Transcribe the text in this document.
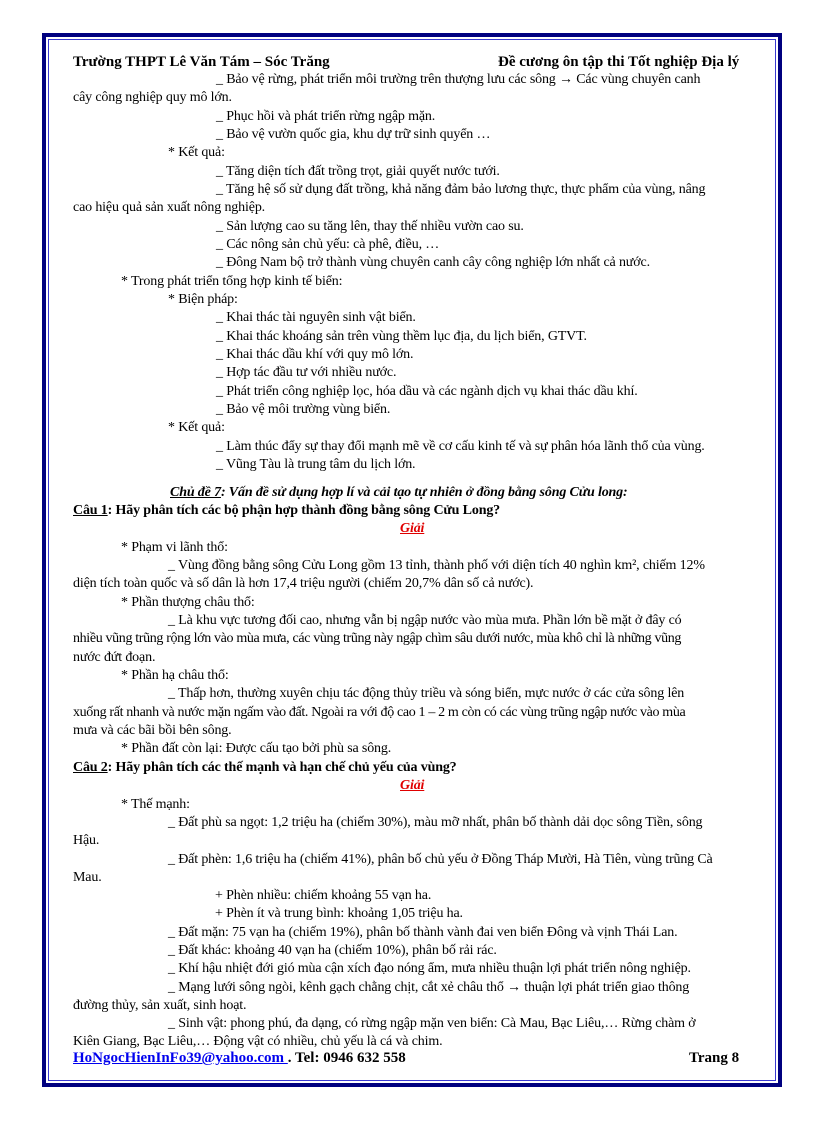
Trường THPT Lê Văn Tám – Sóc Trăng	Đề cương ôn tập thi Tốt nghiệp Địa lý
_ Bảo vệ rừng, phát triển môi trường trên thượng lưu các sông → Các vùng chuyên canh
cây công nghiệp quy mô lớn.
_ Phục hồi và phát triển rừng ngập mặn.
_ Bảo vệ vườn quốc gia, khu dự trữ sinh quyển …
* Kết quả:
_ Tăng diện tích đất trồng trọt, giải quyết nước tưới.
_ Tăng hệ số sử dụng đất trồng, khả năng đảm bảo lương thực, thực phẩm của vùng, nâng
cao hiệu quả sản xuất nông nghiệp.
_ Sản lượng cao su tăng lên, thay thế nhiều vườn cao su.
_ Các nông sản chủ yếu: cà phê, điều, …
_ Đông Nam bộ trở thành vùng chuyên canh cây công nghiệp lớn nhất cả nước.
* Trong phát triển tổng hợp kinh tế biển:
* Biện pháp:
_ Khai thác tài nguyên sinh vật biển.
_ Khai thác khoáng sản trên vùng thềm lục địa, du lịch biển, GTVT.
_ Khai thác dầu khí với quy mô lớn.
_ Hợp tác đầu tư với nhiều nước.
_ Phát triển công nghiệp lọc, hóa dầu và các ngành dịch vụ khai thác dầu khí.
_ Bảo vệ môi trường vùng biển.
* Kết quả:
_ Làm thúc đẩy sự thay đổi mạnh mẽ về cơ cấu kinh tế và sự phân hóa lãnh thổ của vùng.
_ Vũng Tàu là trung tâm du lịch lớn.
Chủ đề 7: Vấn đề sử dụng hợp lí và cải tạo tự nhiên ở đồng bằng sông Cửu long:
Câu 1: Hãy phân tích các bộ phận hợp thành đồng bằng sông Cửu Long?
Giải
* Phạm vi lãnh thổ:
_ Vùng đồng bằng sông Cửu Long gồm 13 tỉnh, thành phố với diện tích 40 nghìn km², chiếm 12%
diện tích toàn quốc và số dân là hơn 17,4 triệu người (chiếm 20,7% dân số cả nước).
* Phần thượng châu thổ:
_ Là khu vực tương đối cao, nhưng vẫn bị ngập nước vào mùa mưa. Phần lớn bề mặt ở đây có
nhiều vũng trũng rộng lớn vào mùa mưa, các vùng trũng này ngập chìm sâu dưới nước, mùa khô chỉ là những vũng
nước đứt đoạn.
* Phần hạ châu thổ:
_ Thấp hơn, thường xuyên chịu tác động thủy triều và sóng biển, mực nước ở các cửa sông lên
xuống rất nhanh và nước mặn ngấm vào đất. Ngoài ra với độ cao 1 – 2 m còn có các vùng trũng ngập nước vào mùa
mưa và các bãi bồi bên sông.
* Phần đất còn lại: Được cấu tạo bởi phù sa sông.
Câu 2: Hãy phân tích các thế mạnh và hạn chế chủ yếu của vùng?
Giải
* Thế mạnh:
_ Đất phù sa ngọt: 1,2 triệu ha (chiếm 30%), màu mỡ nhất, phân bố thành dải dọc sông Tiền, sông
Hậu.
_ Đất phèn: 1,6 triệu ha (chiếm 41%), phân bố chủ yếu ở Đồng Tháp Mười, Hà Tiên, vùng trũng Cà
Mau.
+ Phèn nhiều: chiếm khoảng 55 vạn ha.
+ Phèn ít và trung bình: khoảng 1,05 triệu ha.
_ Đất mặn: 75 vạn ha (chiếm 19%), phân bố thành vành đai ven biển Đông và vịnh Thái Lan.
_ Đất khác: khoảng 40 vạn ha (chiếm 10%), phân bố rải rác.
_ Khí hậu nhiệt đới gió mùa cận xích đạo nóng ẩm, mưa nhiều thuận lợi phát triển nông nghiệp.
_ Mạng lưới sông ngòi, kênh gạch chằng chịt, cắt xẻ châu thổ → thuận lợi phát triển giao thông
đường thủy, sản xuất, sinh hoạt.
_ Sinh vật: phong phú, đa dạng, có rừng ngập mặn ven biển: Cà Mau, Bạc Liêu,… Rừng chàm ở
Kiên Giang, Bạc Liêu,… Động vật có nhiều, chủ yếu là cá và chim.
HoNgocHienInFo39@yahoo.com . Tel: 0946 632 558	Trang 8
